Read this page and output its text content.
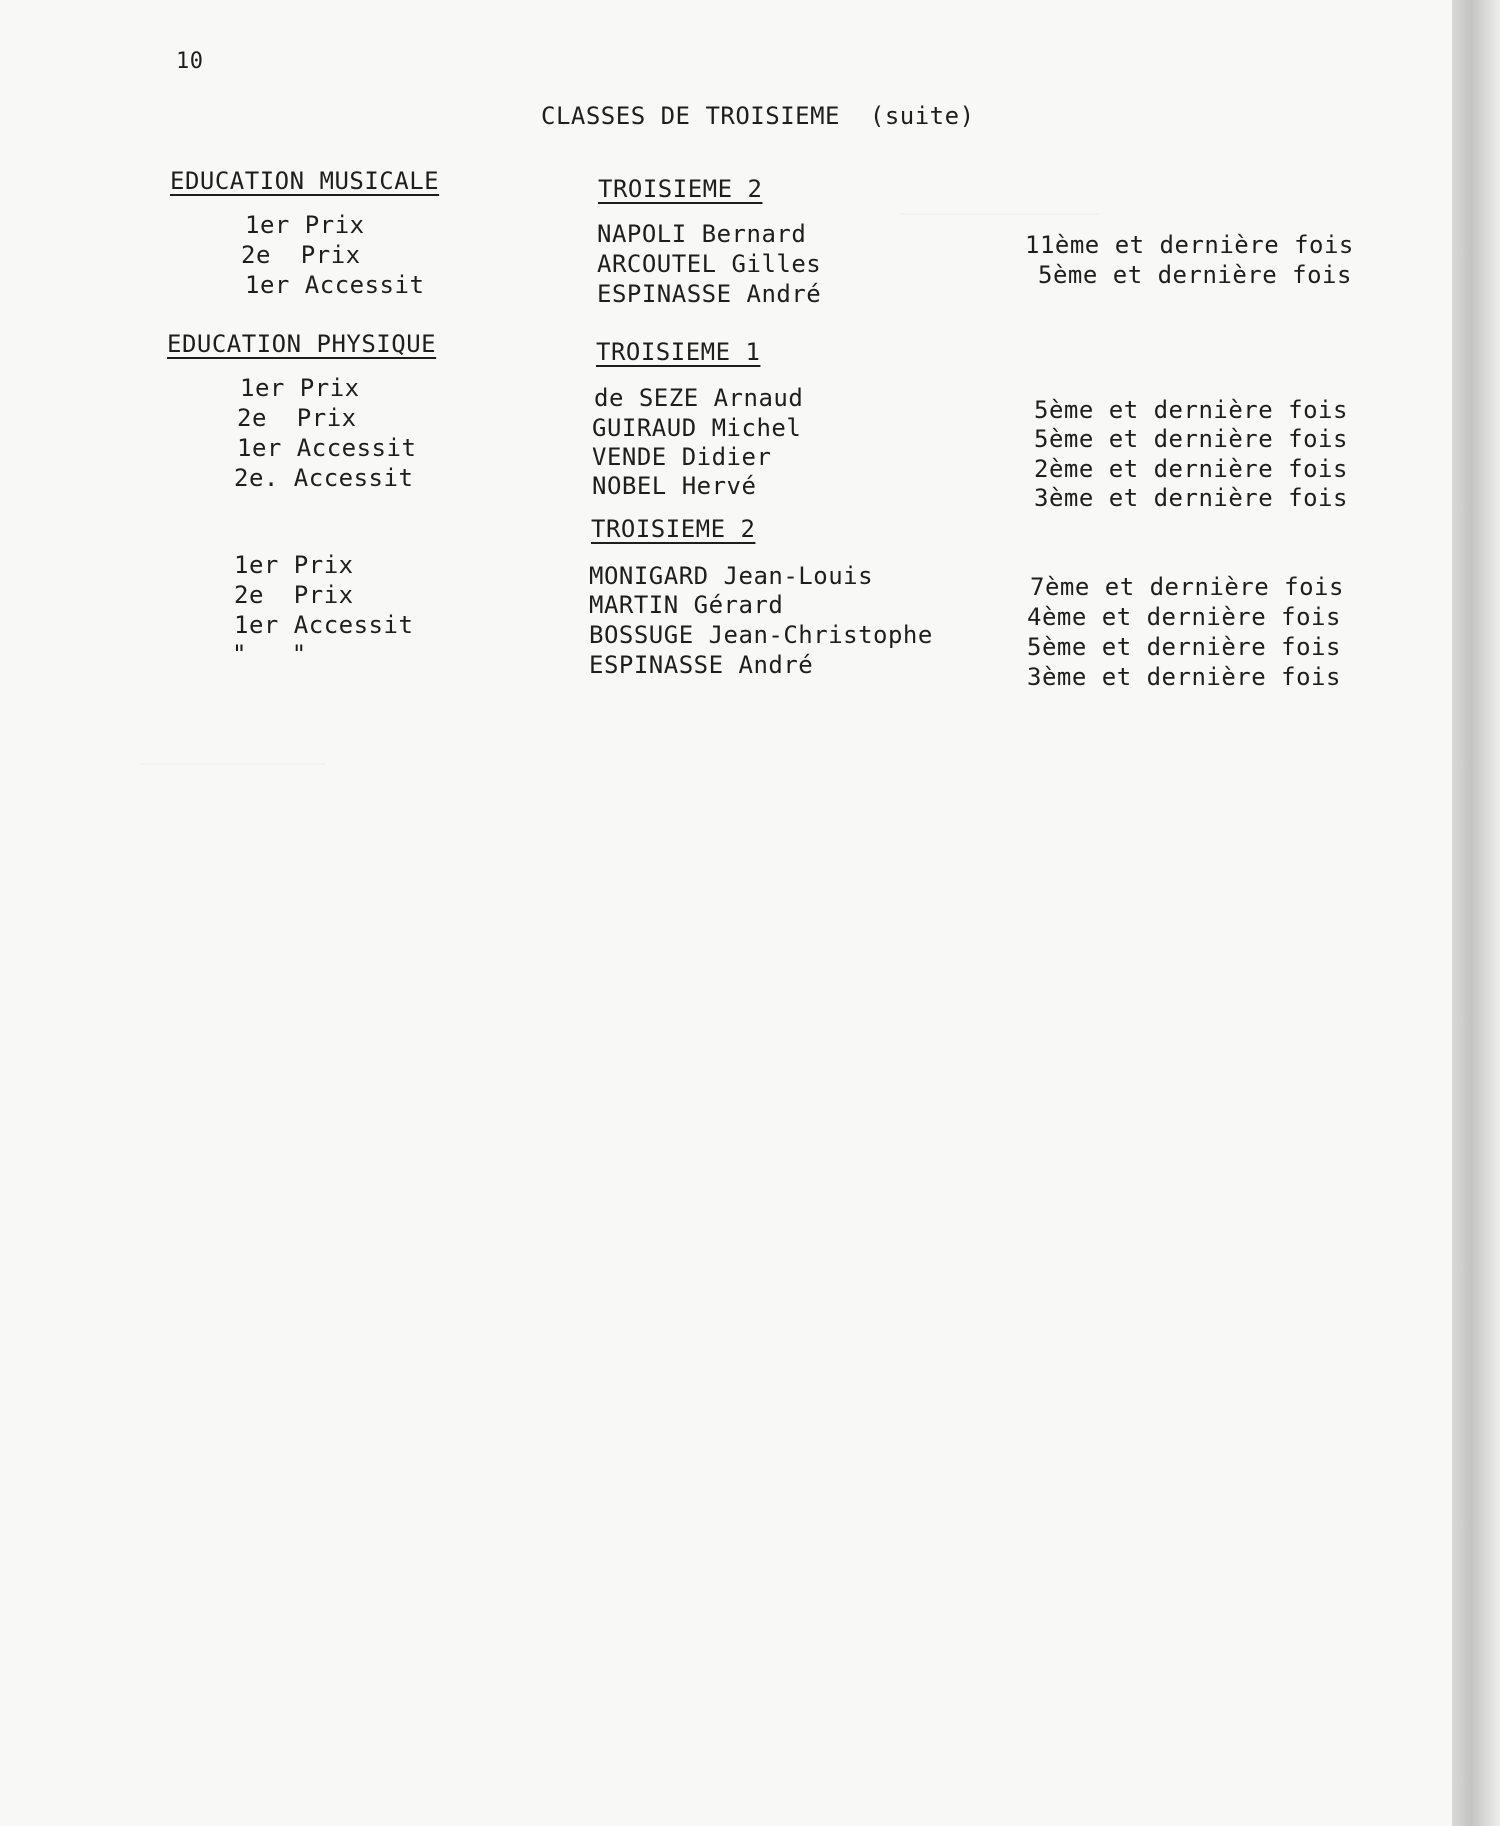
_______________
______________
10
CLASSES DE TROISIEME  (suite)
EDUCATION MUSICALE
1er Prix
2e  Prix
1er Accessit
EDUCATION PHYSIQUE
1er Prix
2e  Prix
1er Accessit
2e. Accessit
1er Prix
2e  Prix
1er Accessit
"   "
TROISIEME 2
NAPOLI Bernard
ARCOUTEL Gilles
ESPINASSE André
11ème et dernière fois
5ème et dernière fois
TROISIEME 1
de SEZE Arnaud
GUIRAUD Michel
VENDE Didier
NOBEL Hervé
5ème et dernière fois
5ème et dernière fois
2ème et dernière fois
3ème et dernière fois
TROISIEME 2
MONIGARD Jean-Louis
MARTIN Gérard
BOSSUGE Jean-Christophe
ESPINASSE André
7ème et dernière fois
4ème et dernière fois
5ème et dernière fois
3ème et dernière fois
